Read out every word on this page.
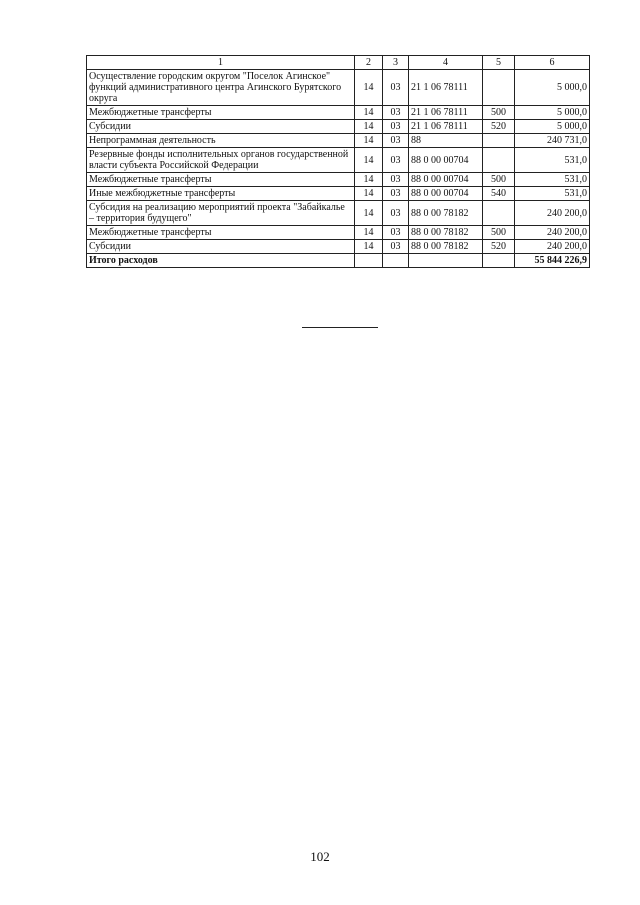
1	2	3	4	5	6
Осуществление городским округом "Поселок Агинское" функций административного центра Агинского Бурятского округа	14	03	21 1 06 78111		5 000,0
Межбюджетные трансферты	14	03	21 1 06 78111	500	5 000,0
Субсидии	14	03	21 1 06 78111	520	5 000,0
Непрограммная деятельность	14	03	88		240 731,0
Резервные фонды исполнительных органов государственной власти субъекта Российской Федерации	14	03	88 0 00 00704		531,0
Межбюджетные трансферты	14	03	88 0 00 00704	500	531,0
Иные межбюджетные трансферты	14	03	88 0 00 00704	540	531,0
Субсидия на реализацию мероприятий проекта "Забайкалье – территория будущего"	14	03	88 0 00 78182		240 200,0
Межбюджетные трансферты	14	03	88 0 00 78182	500	240 200,0
Субсидии	14	03	88 0 00 78182	520	240 200,0
Итого расходов					55 844 226,9
102
